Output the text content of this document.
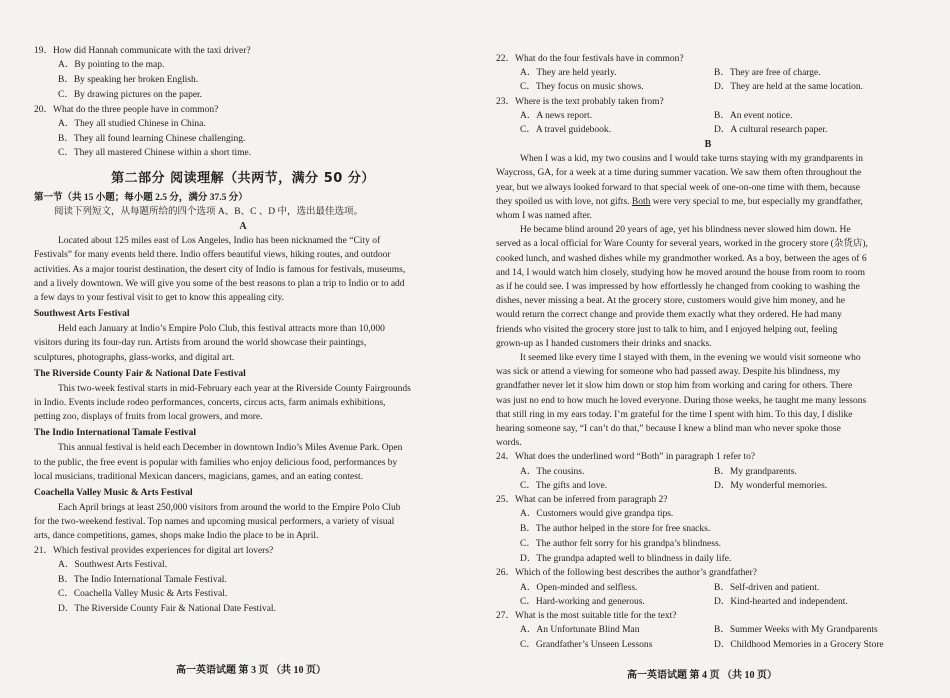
19．How did Hannah communicate with the taxi driver?
A．By pointing to the map.
B．By speaking her broken English.
C．By drawing pictures on the paper.
20．What do the three people have in common?
A．They all studied Chinese in China.
B．They all found learning Chinese challenging.
C．They all mastered Chinese within a short time.
第二部分 阅读理解（共两节，满分 50 分）
第一节（共 15 小题；每小题 2.5 分，满分 37.5 分）
阅读下列短文，从每题所给的四个选项 A、B、C 、D 中，选出最佳选项。
A
Located about 125 miles east of Los Angeles, Indio has been nicknamed the “City of
Festivals” for many events held there. Indio offers beautiful views, hiking routes, and outdoor
activities. As a major tourist destination, the desert city of Indio is famous for festivals, museums,
and a lively downtown. We will give you some of the best reasons to plan a trip to Indio or to add
a few days to your festival visit to get to know this appealing city.
Southwest Arts Festival
Held each January at Indio’s Empire Polo Club, this festival attracts more than 10,000
visitors during its four-day run. Artists from around the world showcase their paintings,
sculptures, photographs, glass-works, and digital art.
The Riverside County Fair & National Date Festival
This two-week festival starts in mid-February each year at the Riverside County Fairgrounds
in Indio. Events include rodeo performances, concerts, circus acts, farm animals exhibitions,
petting zoo, displays of fruits from local growers, and more.
The Indio International Tamale Festival
This annual festival is held each December in downtown Indio’s Miles Avenue Park. Open
to the public, the free event is popular with families who enjoy delicious food, performances by
local musicians, traditional Mexican dancers, magicians, games, and an eating contest.
Coachella Valley Music & Arts Festival
Each April brings at least 250,000 visitors from around the world to the Empire Polo Club
for the two-weekend festival. Top names and upcoming musical performers, a variety of visual
arts, dance competitions, games, shops make Indio the place to be in April.
21．Which festival provides experiences for digital art lovers?
A．Southwest Arts Festival.
B．The Indio International Tamale Festival.
C．Coachella Valley Music & Arts Festival.
D．The Riverside County Fair & National Date Festival.
高一英语试题 第 3 页 （共 10 页）
22．What do the four festivals have in common?
A．They are held yearly.	B．They are free of charge.
C．They focus on music shows.	D．They are held at the same location.
23．Where is the text probably taken from?
A．A news report.	B．An event notice.
C．A travel guidebook.	D．A cultural research paper.
B
When I was a kid, my two cousins and I would take turns staying with my grandparents in
Waycross, GA, for a week at a time during summer vacation. We saw them often throughout the
year, but we always looked forward to that special week of one-on-one time with them, because
they spoiled us with love, not gifts. Both were very special to me, but especially my grandfather,
whom I was named after.
He became blind around 20 years of age, yet his blindness never slowed him down. He
served as a local official for Ware County for several years, worked in the grocery store (杂货店),
cooked lunch, and washed dishes while my grandmother worked. As a boy, between the ages of 6
and 14, I would watch him closely, studying how he moved around the house from room to room
as if he could see. I was impressed by how effortlessly he changed from cooking to washing the
dishes, never missing a beat. At the grocery store, customers would give him money, and he
would return the correct change and provide them exactly what they ordered. He had many
friends who visited the grocery store just to talk to him, and I enjoyed helping out, feeling
grown-up as I handed customers their drinks and snacks.
It seemed like every time I stayed with them, in the evening we would visit someone who
was sick or attend a viewing for someone who had passed away. Despite his blindness, my
grandfather never let it slow him down or stop him from working and caring for others. There
was just no end to how much he loved everyone. During those weeks, he taught me many lessons
that still ring in my ears today. I’m grateful for the time I spent with him. To this day, I dislike
hearing someone say, “I can’t do that,” because I knew a blind man who never spoke those
words.
24．What does the underlined word “Both” in paragraph 1 refer to?
A．The cousins.	B．My grandparents.
C．The gifts and love.	D．My wonderful memories.
25．What can be inferred from paragraph 2?
A．Customers would give grandpa tips.
B．The author helped in the store for free snacks.
C．The author felt sorry for his grandpa’s blindness.
D．The grandpa adapted well to blindness in daily life.
26．Which of the following best describes the author’s grandfather?
A．Open-minded and selfless.	B．Self-driven and patient.
C．Hard-working and generous.	D．Kind-hearted and independent.
27．What is the most suitable title for the text?
A．An Unfortunate Blind Man	B．Summer Weeks with My Grandparents
C．Grandfather’s Unseen Lessons	D．Childhood Memories in a Grocery Store
高一英语试题 第 4 页 （共 10 页）
